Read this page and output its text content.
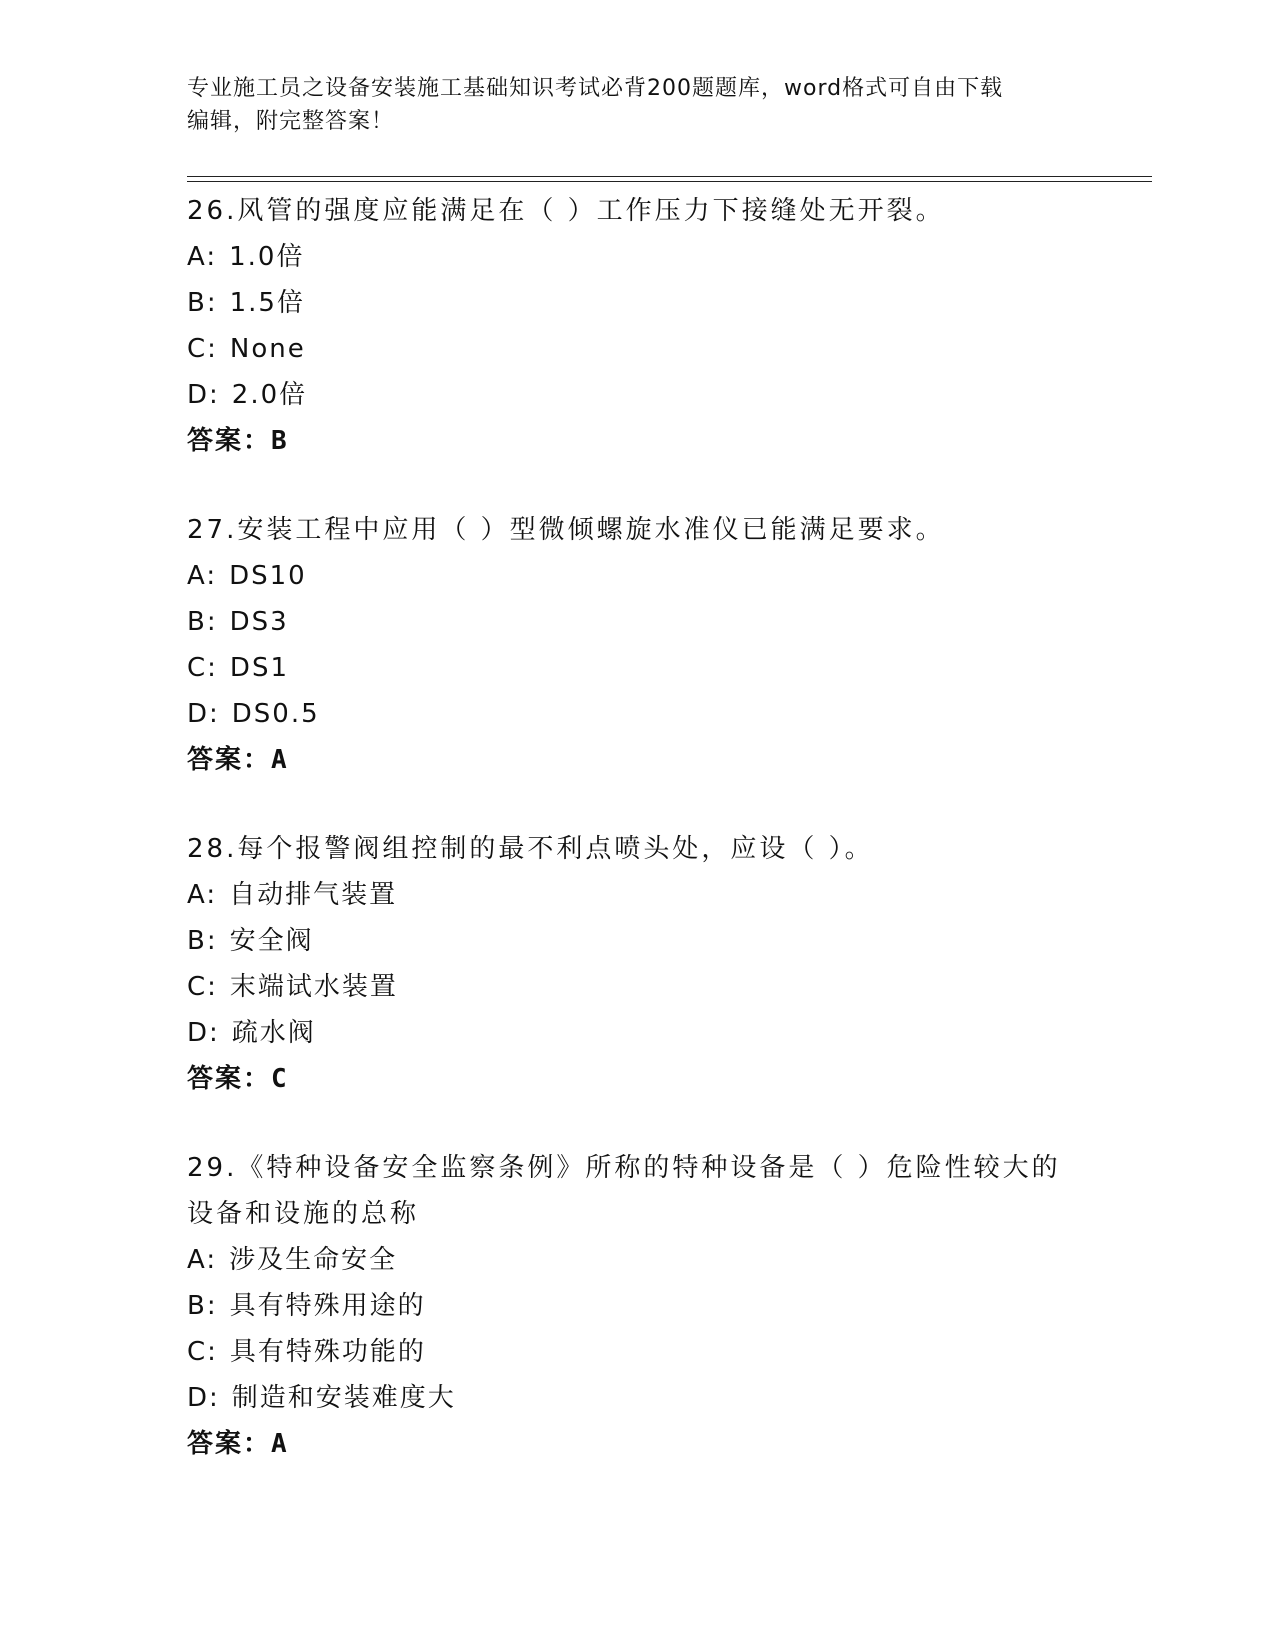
专业施工员之设备安装施工基础知识考试必背200题题库，word格式可自由下载
编辑，附完整答案！

26.风管的强度应能满足在（ ）工作压力下接缝处无开裂。

A: 1.0倍

B: 1.5倍

C: None

D: 2.0倍

答案：B

27.安装工程中应用（ ）型微倾螺旋水准仪已能满足要求。

A: DS10

B: DS3

C: DS1

D: DS0.5

答案：A

28.每个报警阀组控制的最不利点喷头处，应设（ ）。

A: 自动排气装置

B: 安全阀

C: 末端试水装置

D: 疏水阀

答案：C

29.《特种设备安全监察条例》所称的特种设备是（ ）危险性较大的设备和设施的总称

A: 涉及生命安全

B: 具有特殊用途的

C: 具有特殊功能的

D: 制造和安装难度大

答案：A
